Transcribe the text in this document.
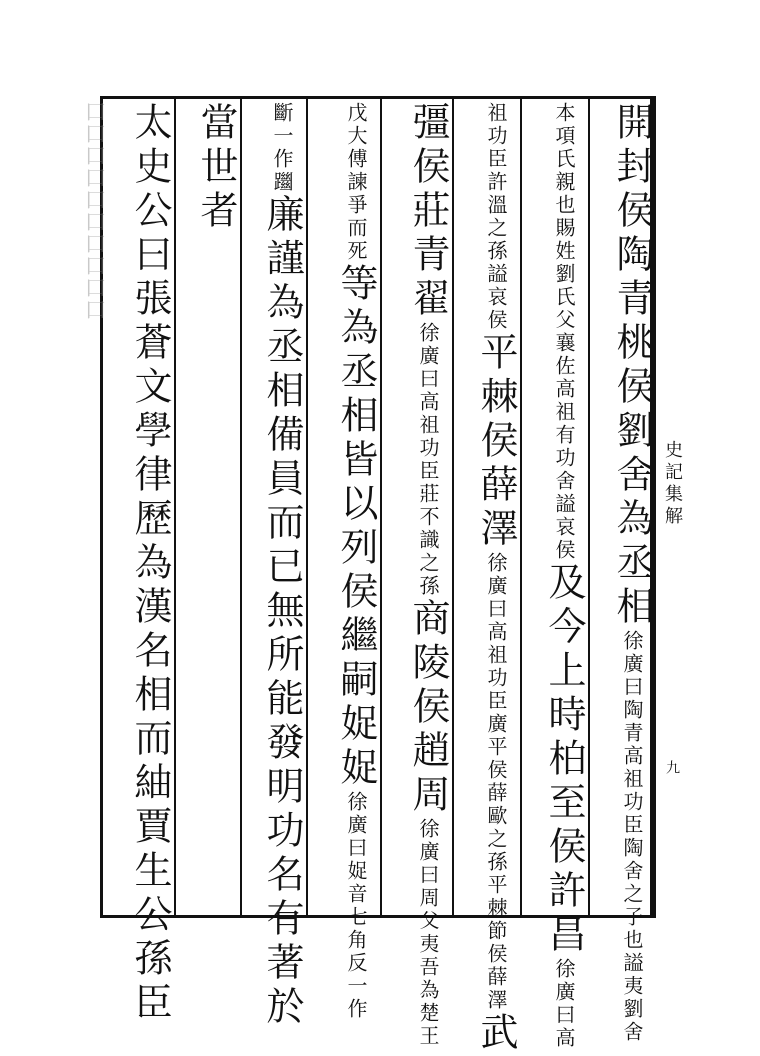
口口口口口口口口口口
史記集解
九
開封侯陶青桃侯劉舍為丞相徐廣曰陶青高祖功臣陶舍之子也謚夷劉舍
本項氏親也賜姓劉氏父襄佐高祖有功舍謚哀侯及今上時柏至侯許昌徐廣曰高
祖功臣許溫之孫謚哀侯平棘侯薛澤徐廣曰高祖功臣廣平侯薛歐之孫平棘節侯薛澤武
彊侯莊青翟徐廣曰高祖功臣莊不識之孫商陵侯趙周徐廣曰周父夷吾為楚王
戊大傅諫爭而死等為丞相皆以列侯繼嗣娖娖徐廣曰娖音七角反一作
斷一作躖廉謹為丞相備員而已無所能發明功名有著於
當世者
太史公曰張蒼文學律歷為漢名相而紬賈生公孫臣
